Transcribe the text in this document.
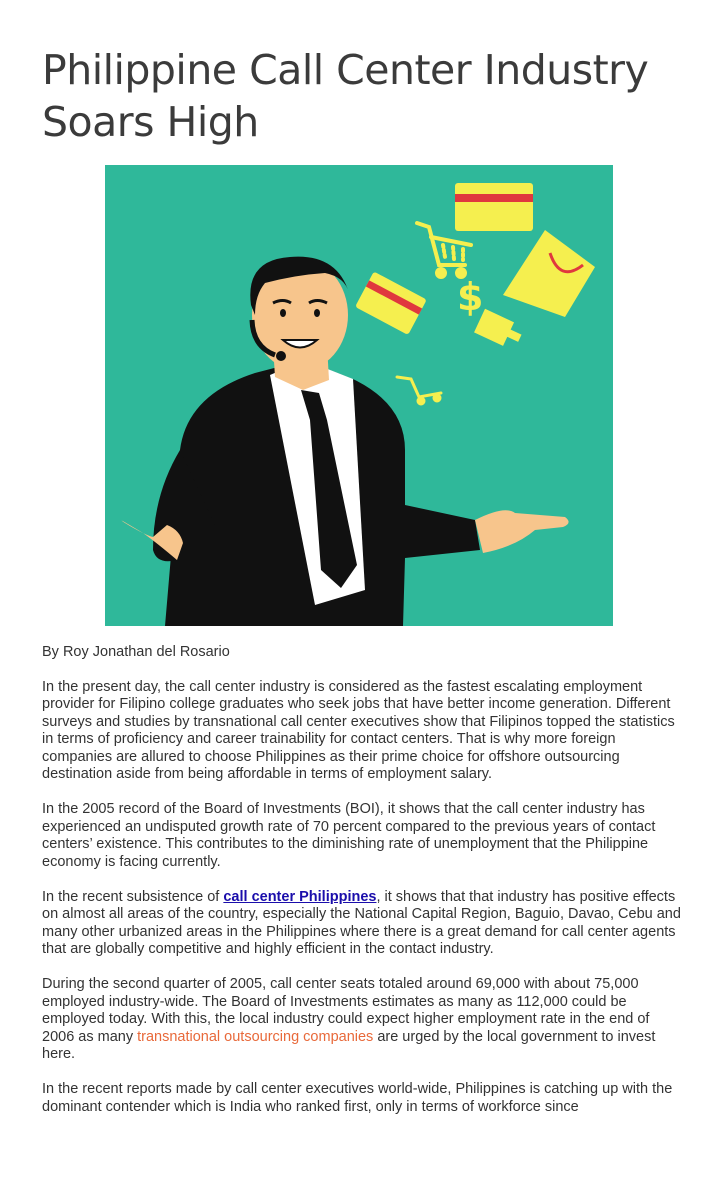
Philippine Call Center Industry Soars High
$

By Roy Jonathan del Rosario

In the present day, the call center industry is considered as the fastest escalating employment provider for Filipino college graduates who seek jobs that have better income generation. Different surveys and studies by transnational call center executives show that Filipinos topped the statistics in terms of proficiency and career trainability for contact centers. That is why more foreign companies are allured to choose Philippines as their prime choice for offshore outsourcing destination aside from being affordable in terms of employment salary.

In the 2005 record of the Board of Investments (BOI), it shows that the call center industry has experienced an undisputed growth rate of 70 percent compared to the previous years of contact centers’ existence. This contributes to the diminishing rate of unemployment that the Philippine economy is facing currently.

In the recent subsistence of call center Philippines, it shows that that industry has positive effects on almost all areas of the country, especially the National Capital Region, Baguio, Davao, Cebu and many other urbanized areas in the Philippines where there is a great demand for call center agents that are globally competitive and highly efficient in the contact industry.

During the second quarter of 2005, call center seats totaled around 69,000 with about 75,000 employed industry-wide. The Board of Investments estimates as many as 112,000 could be employed today. With this, the local industry could expect higher employment rate in the end of 2006 as many transnational outsourcing companies are urged by the local government to invest here.

In the recent reports made by call center executives world-wide, Philippines is catching up with the dominant contender which is India who ranked first, only in terms of workforce since
